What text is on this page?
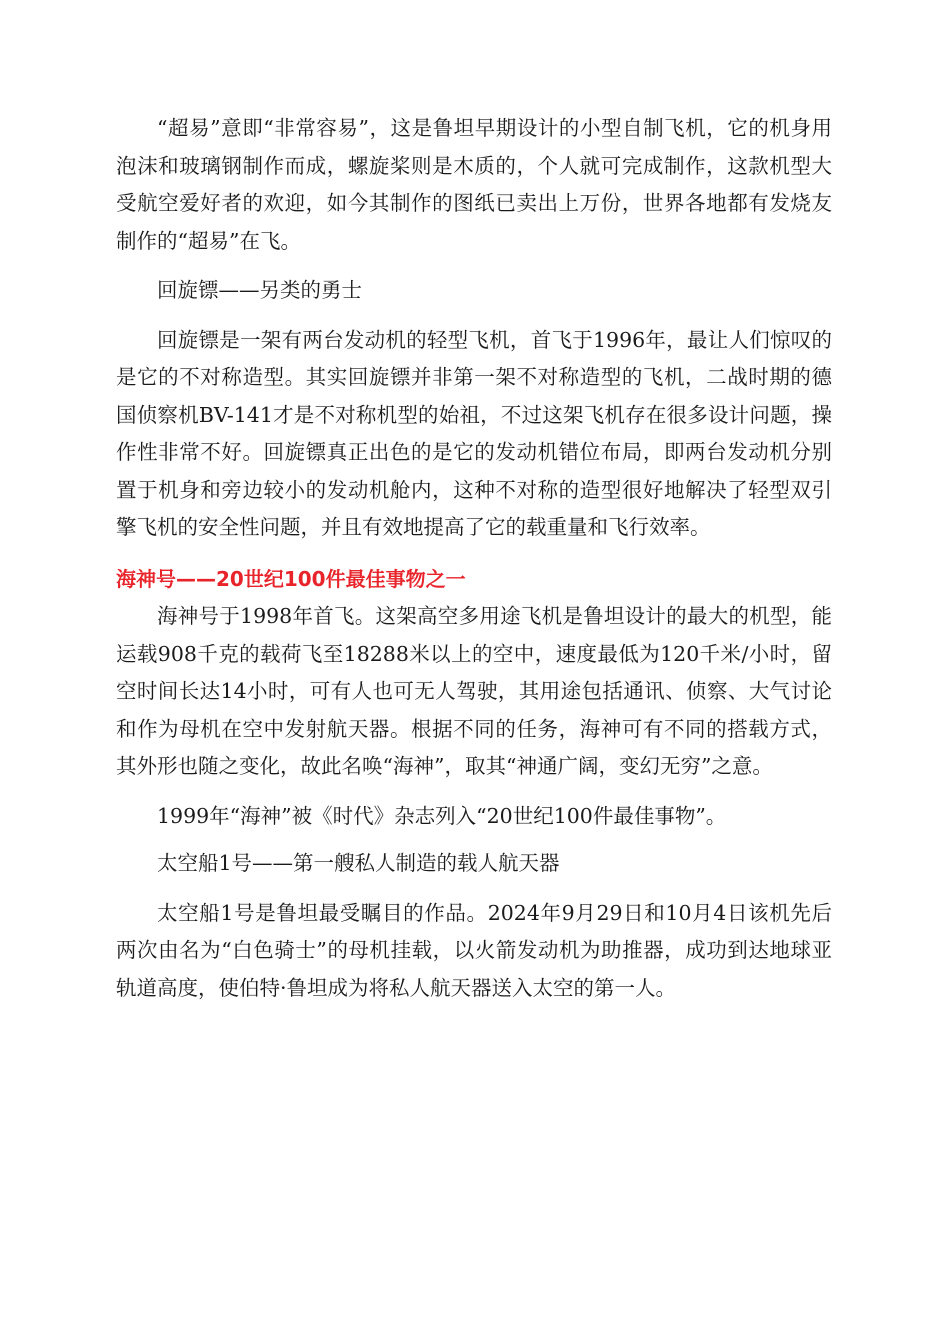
“超易”意即“非常容易”，这是鲁坦早期设计的小型自制飞机，它的机身用泡沫和玻璃钢制作而成，螺旋桨则是木质的，个人就可完成制作，这款机型大受航空爱好者的欢迎，如今其制作的图纸已卖出上万份，世界各地都有发烧友制作的“超易”在飞。

回旋镖——另类的勇士

回旋镖是一架有两台发动机的轻型飞机，首飞于1996年，最让人们惊叹的是它的不对称造型。其实回旋镖并非第一架不对称造型的飞机，二战时期的德国侦察机BV-141才是不对称机型的始祖，不过这架飞机存在很多设计问题，操作性非常不好。回旋镖真正出色的是它的发动机错位布局，即两台发动机分别置于机身和旁边较小的发动机舱内，这种不对称的造型很好地解决了轻型双引擎飞机的安全性问题，并且有效地提高了它的载重量和飞行效率。

海神号——20世纪100件最佳事物之一

海神号于1998年首飞。这架高空多用途飞机是鲁坦设计的最大的机型，能运载908千克的载荷飞至18288米以上的空中，速度最低为120千米/小时，留空时间长达14小时，可有人也可无人驾驶，其用途包括通讯、侦察、大气讨论和作为母机在空中发射航天器。根据不同的任务，海神可有不同的搭载方式，其外形也随之变化，故此名唤“海神”，取其“神通广阔，变幻无穷”之意。

1999年“海神”被《时代》杂志列入“20世纪100件最佳事物”。

太空船1号——第一艘私人制造的载人航天器

太空船1号是鲁坦最受瞩目的作品。2024年9月29日和10月4日该机先后两次由名为“白色骑士”的母机挂载，以火箭发动机为助推器，成功到达地球亚轨道高度，使伯特·鲁坦成为将私人航天器送入太空的第一人。
